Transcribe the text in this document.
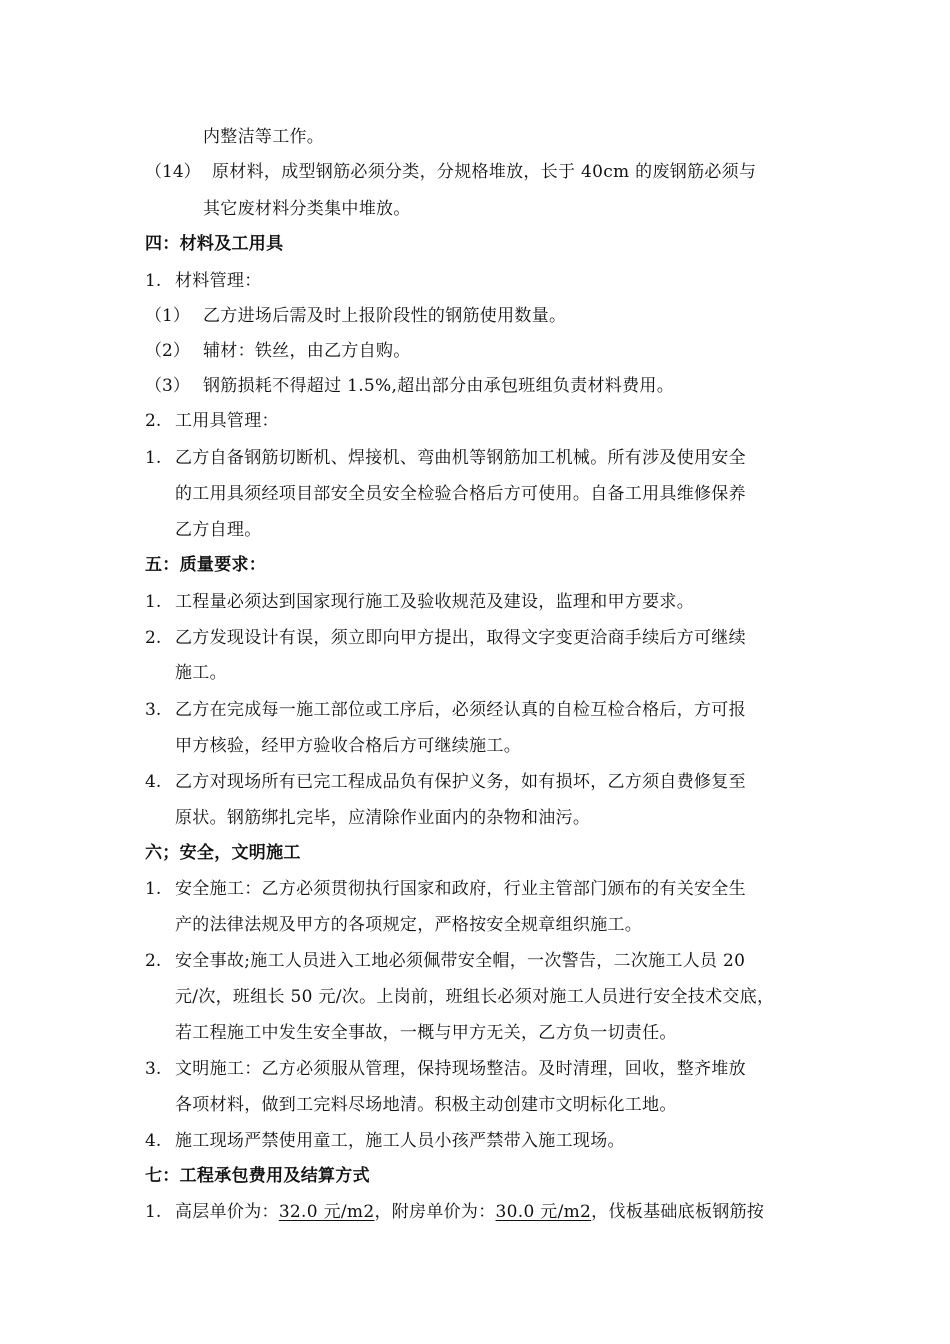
内整洁等工作。
（14） 原材料，成型钢筋必须分类，分规格堆放，长于 40cm 的废钢筋必须与
其它废材料分类集中堆放。
四：材料及工用具
1. 材料管理：
（1） 乙方进场后需及时上报阶段性的钢筋使用数量。
（2） 辅材：铁丝，由乙方自购。
（3） 钢筋损耗不得超过 1.5%,超出部分由承包班组负责材料费用。
2. 工用具管理：
1. 乙方自备钢筋切断机、焊接机、弯曲机等钢筋加工机械。所有涉及使用安全
的工用具须经项目部安全员安全检验合格后方可使用。自备工用具维修保养
乙方自理。
五：质量要求：
1. 工程量必须达到国家现行施工及验收规范及建设，监理和甲方要求。
2. 乙方发现设计有误，须立即向甲方提出，取得文字变更洽商手续后方可继续
施工。
3. 乙方在完成每一施工部位或工序后，必须经认真的自检互检合格后，方可报
甲方核验，经甲方验收合格后方可继续施工。
4. 乙方对现场所有已完工程成品负有保护义务，如有损坏，乙方须自费修复至
原状。钢筋绑扎完毕，应清除作业面内的杂物和油污。
六；安全，文明施工
1. 安全施工：乙方必须贯彻执行国家和政府，行业主管部门颁布的有关安全生
产的法律法规及甲方的各项规定，严格按安全规章组织施工。
2. 安全事故;施工人员进入工地必须佩带安全帽，一次警告，二次施工人员 20
元/次，班组长 50 元/次。上岗前，班组长必须对施工人员进行安全技术交底，
若工程施工中发生安全事故，一概与甲方无关，乙方负一切责任。
3. 文明施工：乙方必须服从管理，保持现场整洁。及时清理，回收，整齐堆放
各项材料，做到工完料尽场地清。积极主动创建市文明标化工地。
4. 施工现场严禁使用童工，施工人员小孩严禁带入施工现场。
七：工程承包费用及结算方式
1. 高层单价为：32.0 元/m2，附房单价为：30.0 元/m2，伐板基础底板钢筋按
